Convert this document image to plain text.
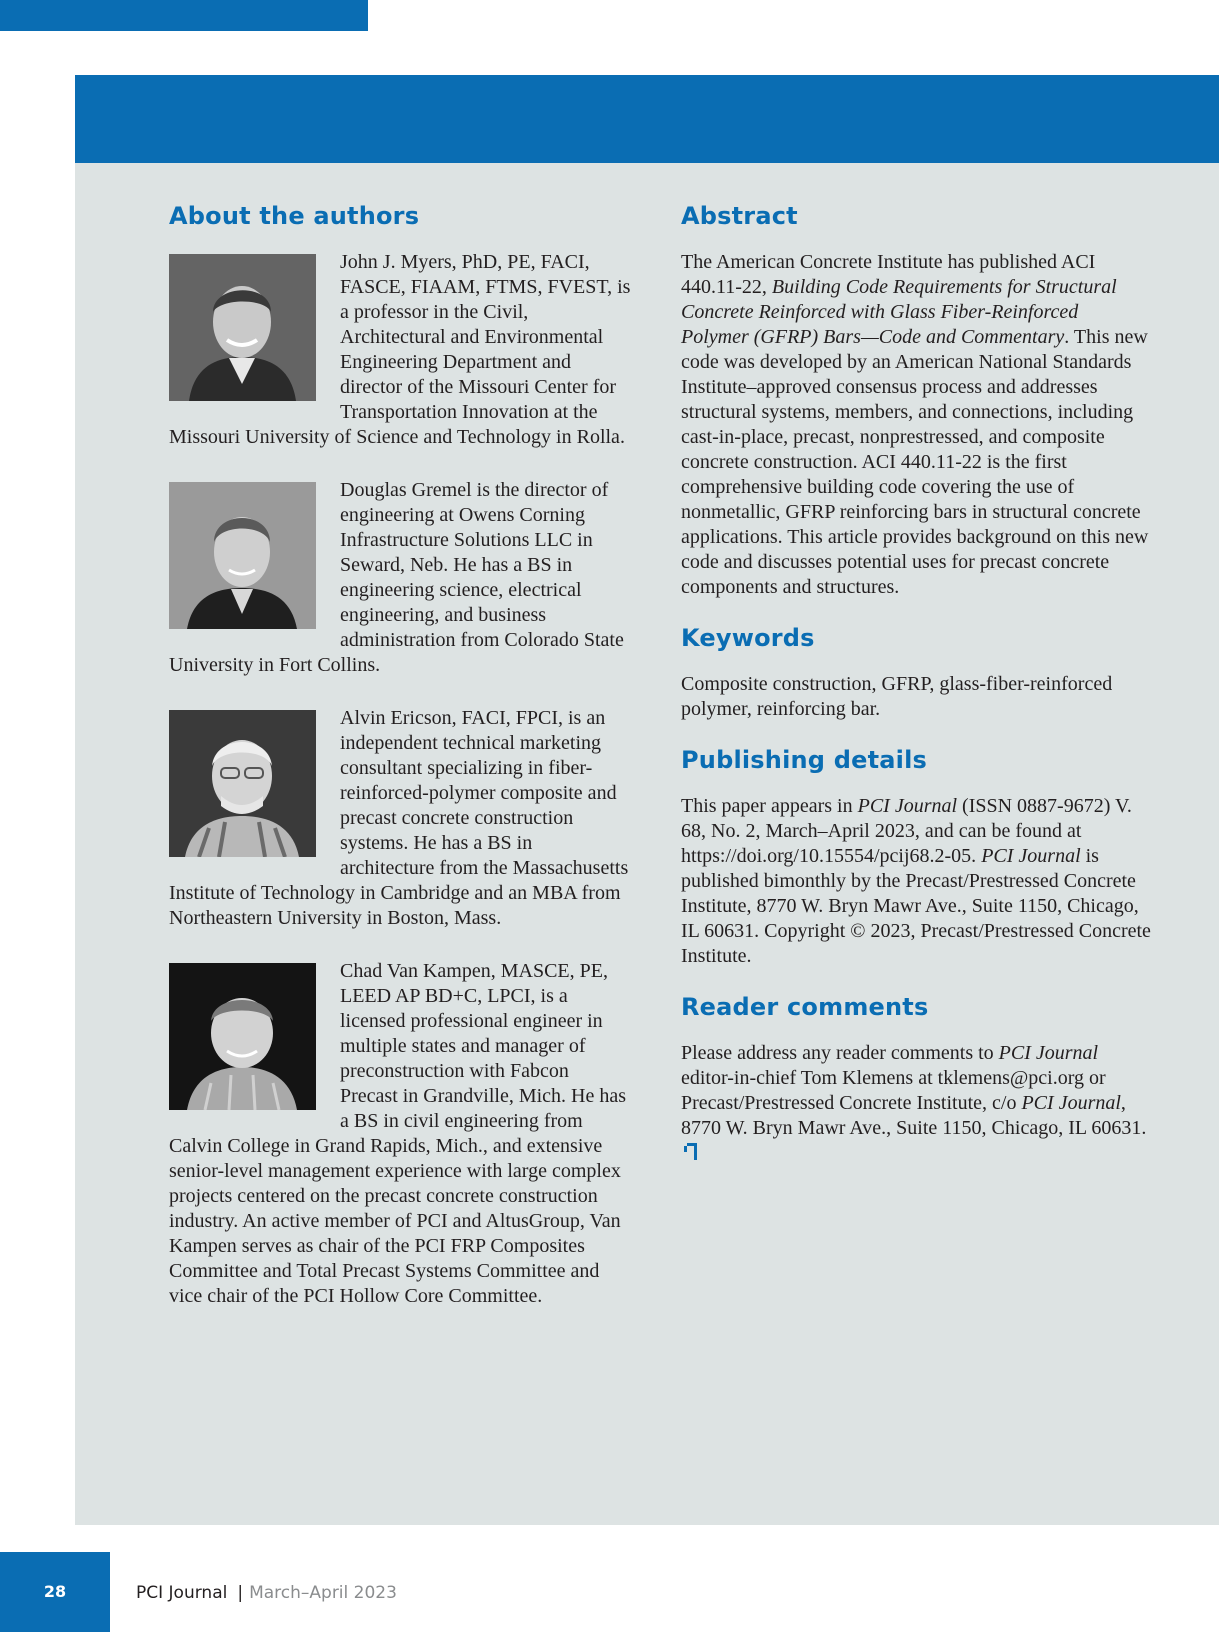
About the authors

John J. Myers, PhD, PE, FACI, FASCE, FIAAM, FTMS, FVEST, is a professor in the Civil, Architectural and Environmental Engineering Department and director of the Missouri Center for Transportation Innovation at the Missouri University of Science and Technology in Rolla.

Douglas Gremel is the director of engineering at Owens Corning Infrastructure Solutions LLC in Seward, Neb. He has a BS in engineering science, electrical engineering, and business administration from Colorado State University in Fort Collins.

Alvin Ericson, FACI, FPCI, is an independent technical marketing consultant specializing in fiber-reinforced-polymer composite and precast concrete construction systems. He has a BS in architecture from the Massachusetts Institute of Technology in Cambridge and an MBA from Northeastern University in Boston, Mass.

Chad Van Kampen, MASCE, PE, LEED AP BD+C, LPCI, is a licensed professional engineer in multiple states and manager of preconstruction with Fabcon Precast in Grandville, Mich. He has a BS in civil engineering from Calvin College in Grand Rapids, Mich., and extensive senior-level management experience with large complex projects centered on the precast concrete construction industry. An active member of PCI and AltusGroup, Van Kampen serves as chair of the PCI FRP Composites Committee and Total Precast Systems Committee and vice chair of the PCI Hollow Core Committee.

Abstract

The American Concrete Institute has published ACI 440.11-22, Building Code Requirements for Structural Concrete Reinforced with Glass Fiber-Reinforced Polymer (GFRP) Bars—Code and Commentary. This new code was developed by an American National Standards Institute–approved consensus process and addresses structural systems, members, and connections, including cast-in-place, precast, nonprestressed, and composite concrete construction. ACI 440.11-22 is the first comprehensive building code covering the use of nonmetallic, GFRP reinforcing bars in structural concrete applications. This article provides background on this new code and discusses potential uses for precast concrete components and structures.

Keywords

Composite construction, GFRP, glass-fiber-reinforced polymer, reinforcing bar.

Publishing details

This paper appears in PCI Journal (ISSN 0887-9672) V. 68, No. 2, March–April 2023, and can be found at https://doi.org/10.15554/pcij68.2-05. PCI Journal is published bimonthly by the Precast/Prestressed Concrete Institute, 8770 W. Bryn Mawr Ave., Suite 1150, Chicago, IL 60631. Copyright © 2023, Precast/Prestressed Concrete Institute.

Reader comments

Please address any reader comments to PCI Journal editor-in-chief Tom Klemens at tklemens@pci.org or Precast/Prestressed Concrete Institute, c/o PCI Journal, 8770 W. Bryn Mawr Ave., Suite 1150, Chicago, IL 60631.

28	PCI Journal | March–April 2023
